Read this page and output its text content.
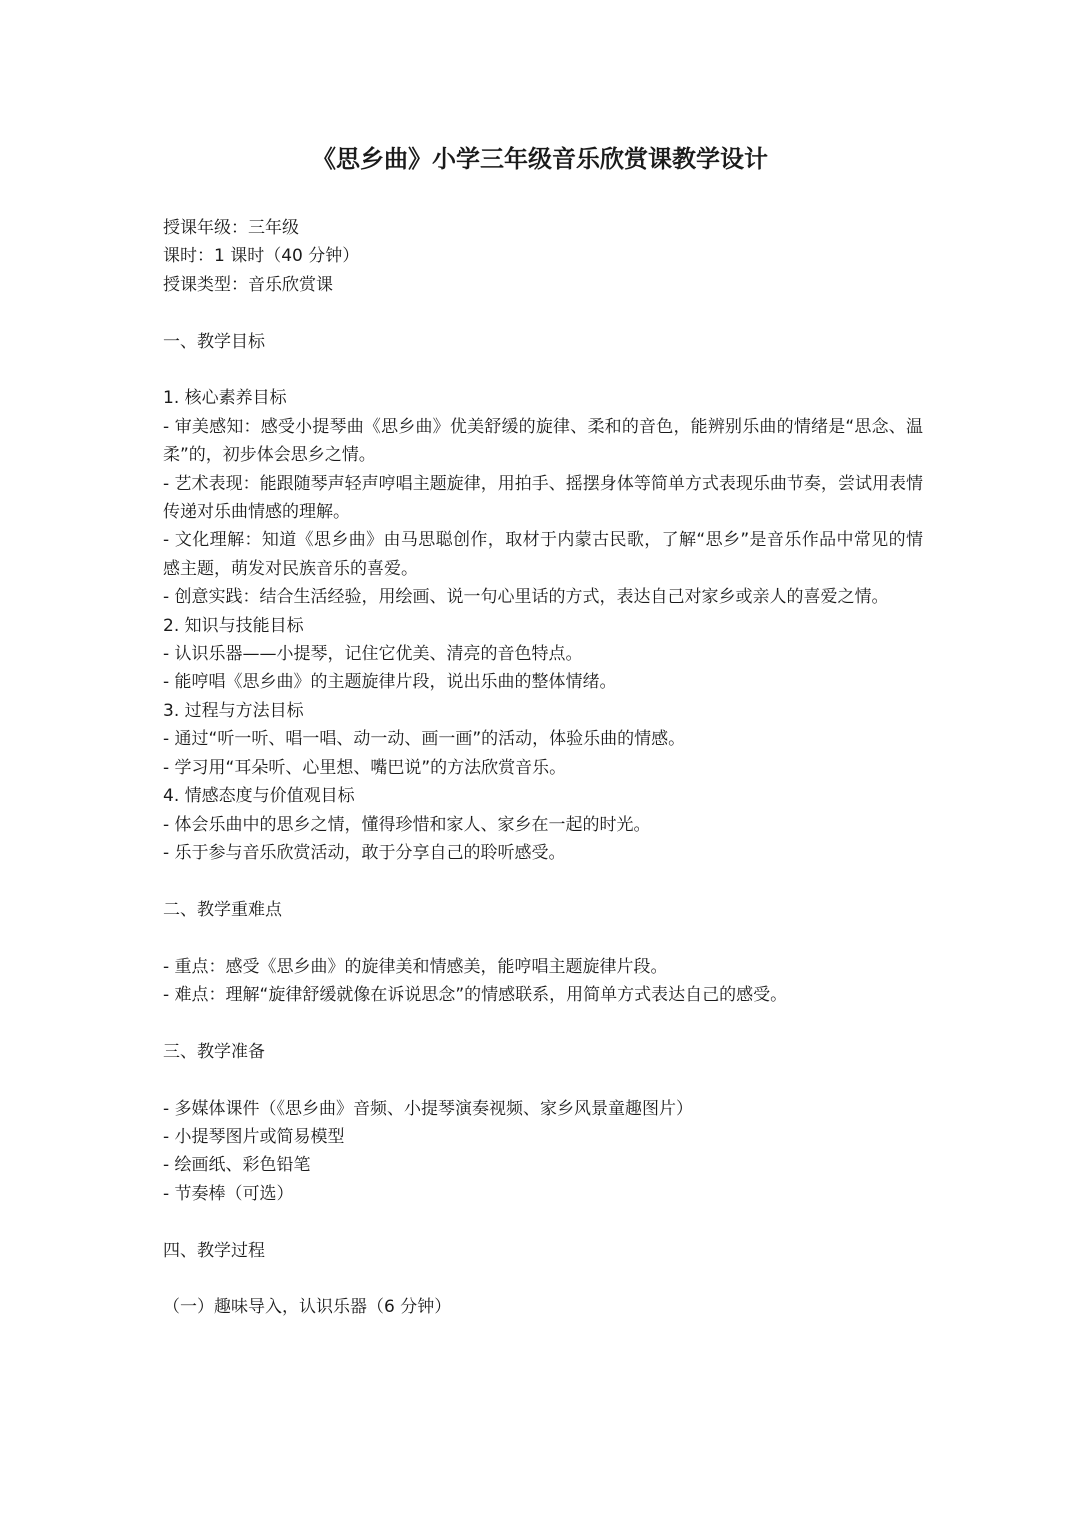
《思乡曲》小学三年级音乐欣赏课教学设计

授课年级：三年级

课时：1 课时（40 分钟）

授课类型：音乐欣赏课

一、教学目标

1. 核心素养目标

- 审美感知：感受小提琴曲《思乡曲》优美舒缓的旋律、柔和的音色，能辨别乐曲的情绪是“思念、温柔”的，初步体会思乡之情。

- 艺术表现：能跟随琴声轻声哼唱主题旋律，用拍手、摇摆身体等简单方式表现乐曲节奏，尝试用表情传递对乐曲情感的理解。

- 文化理解：知道《思乡曲》由马思聪创作，取材于内蒙古民歌，了解“思乡”是音乐作品中常见的情感主题，萌发对民族音乐的喜爱。

- 创意实践：结合生活经验，用绘画、说一句心里话的方式，表达自己对家乡或亲人的喜爱之情。

2. 知识与技能目标

- 认识乐器——小提琴，记住它优美、清亮的音色特点。

- 能哼唱《思乡曲》的主题旋律片段，说出乐曲的整体情绪。

3. 过程与方法目标

- 通过“听一听、唱一唱、动一动、画一画”的活动，体验乐曲的情感。

- 学习用“耳朵听、心里想、嘴巴说”的方法欣赏音乐。

4. 情感态度与价值观目标

- 体会乐曲中的思乡之情，懂得珍惜和家人、家乡在一起的时光。

- 乐于参与音乐欣赏活动，敢于分享自己的聆听感受。

二、教学重难点

- 重点：感受《思乡曲》的旋律美和情感美，能哼唱主题旋律片段。

- 难点：理解“旋律舒缓就像在诉说思念”的情感联系，用简单方式表达自己的感受。

三、教学准备

- 多媒体课件（《思乡曲》音频、小提琴演奏视频、家乡风景童趣图片）

- 小提琴图片或简易模型

- 绘画纸、彩色铅笔

- 节奏棒（可选）

四、教学过程

（一）趣味导入，认识乐器（6 分钟）
